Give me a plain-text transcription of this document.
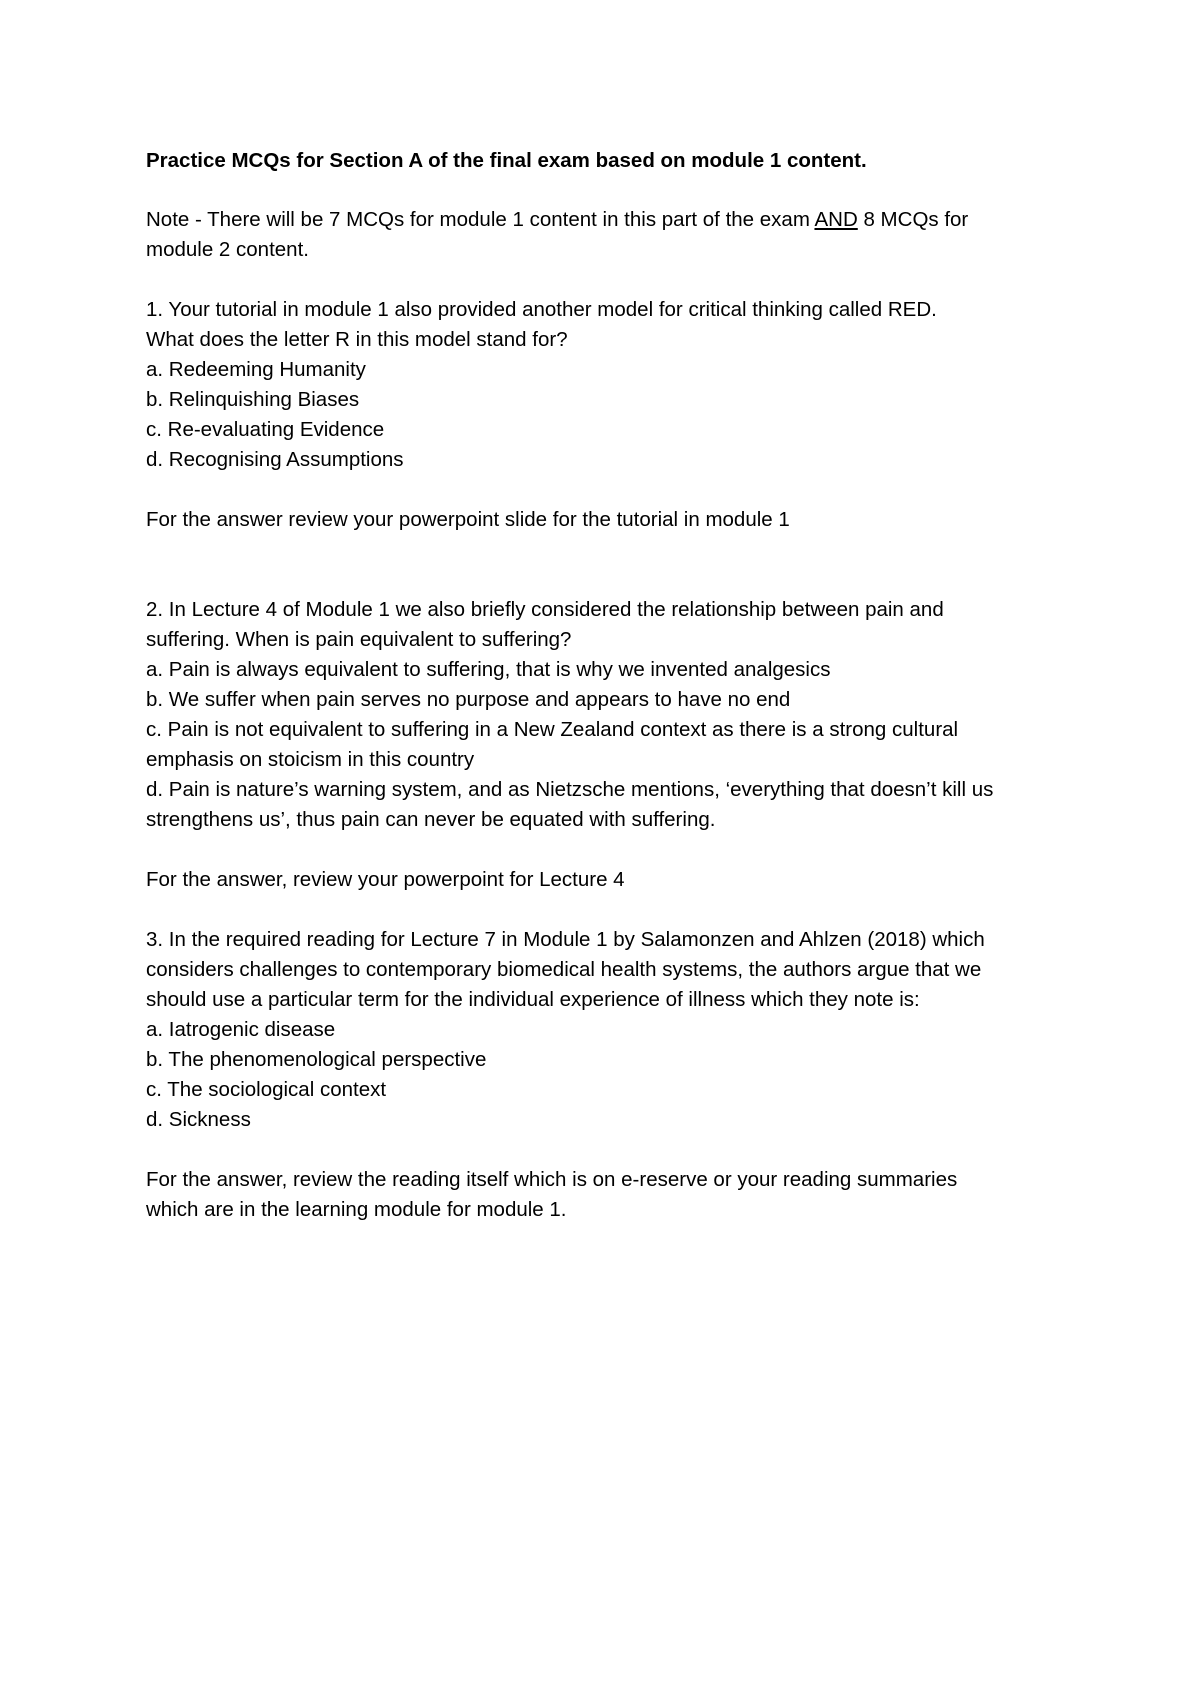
Practice MCQs for Section A of the final exam based on module 1 content.
Note - There will be 7 MCQs for module 1 content in this part of the exam AND 8 MCQs for
module 2 content.
1. Your tutorial in module 1 also provided another model for critical thinking called RED.
What does the letter R in this model stand for?
a. Redeeming Humanity
b. Relinquishing Biases
c. Re-evaluating Evidence
d. Recognising Assumptions
For the answer review your powerpoint slide for the tutorial in module 1
2. In Lecture 4 of Module 1 we also briefly considered the relationship between pain and
suffering. When is pain equivalent to suffering?
a. Pain is always equivalent to suffering, that is why we invented analgesics
b. We suffer when pain serves no purpose and appears to have no end
c. Pain is not equivalent to suffering in a New Zealand context as there is a strong cultural
emphasis on stoicism in this country
d. Pain is nature’s warning system, and as Nietzsche mentions, ‘everything that doesn’t kill us
strengthens us’, thus pain can never be equated with suffering.
For the answer, review your powerpoint for Lecture 4
3. In the required reading for Lecture 7 in Module 1 by Salamonzen and Ahlzen (2018) which
considers challenges to contemporary biomedical health systems, the authors argue that we
should use a particular term for the individual experience of illness which they note is:
a. Iatrogenic disease
b. The phenomenological perspective
c. The sociological context
d. Sickness
For the answer, review the reading itself which is on e-reserve or your reading summaries
which are in the learning module for module 1.
